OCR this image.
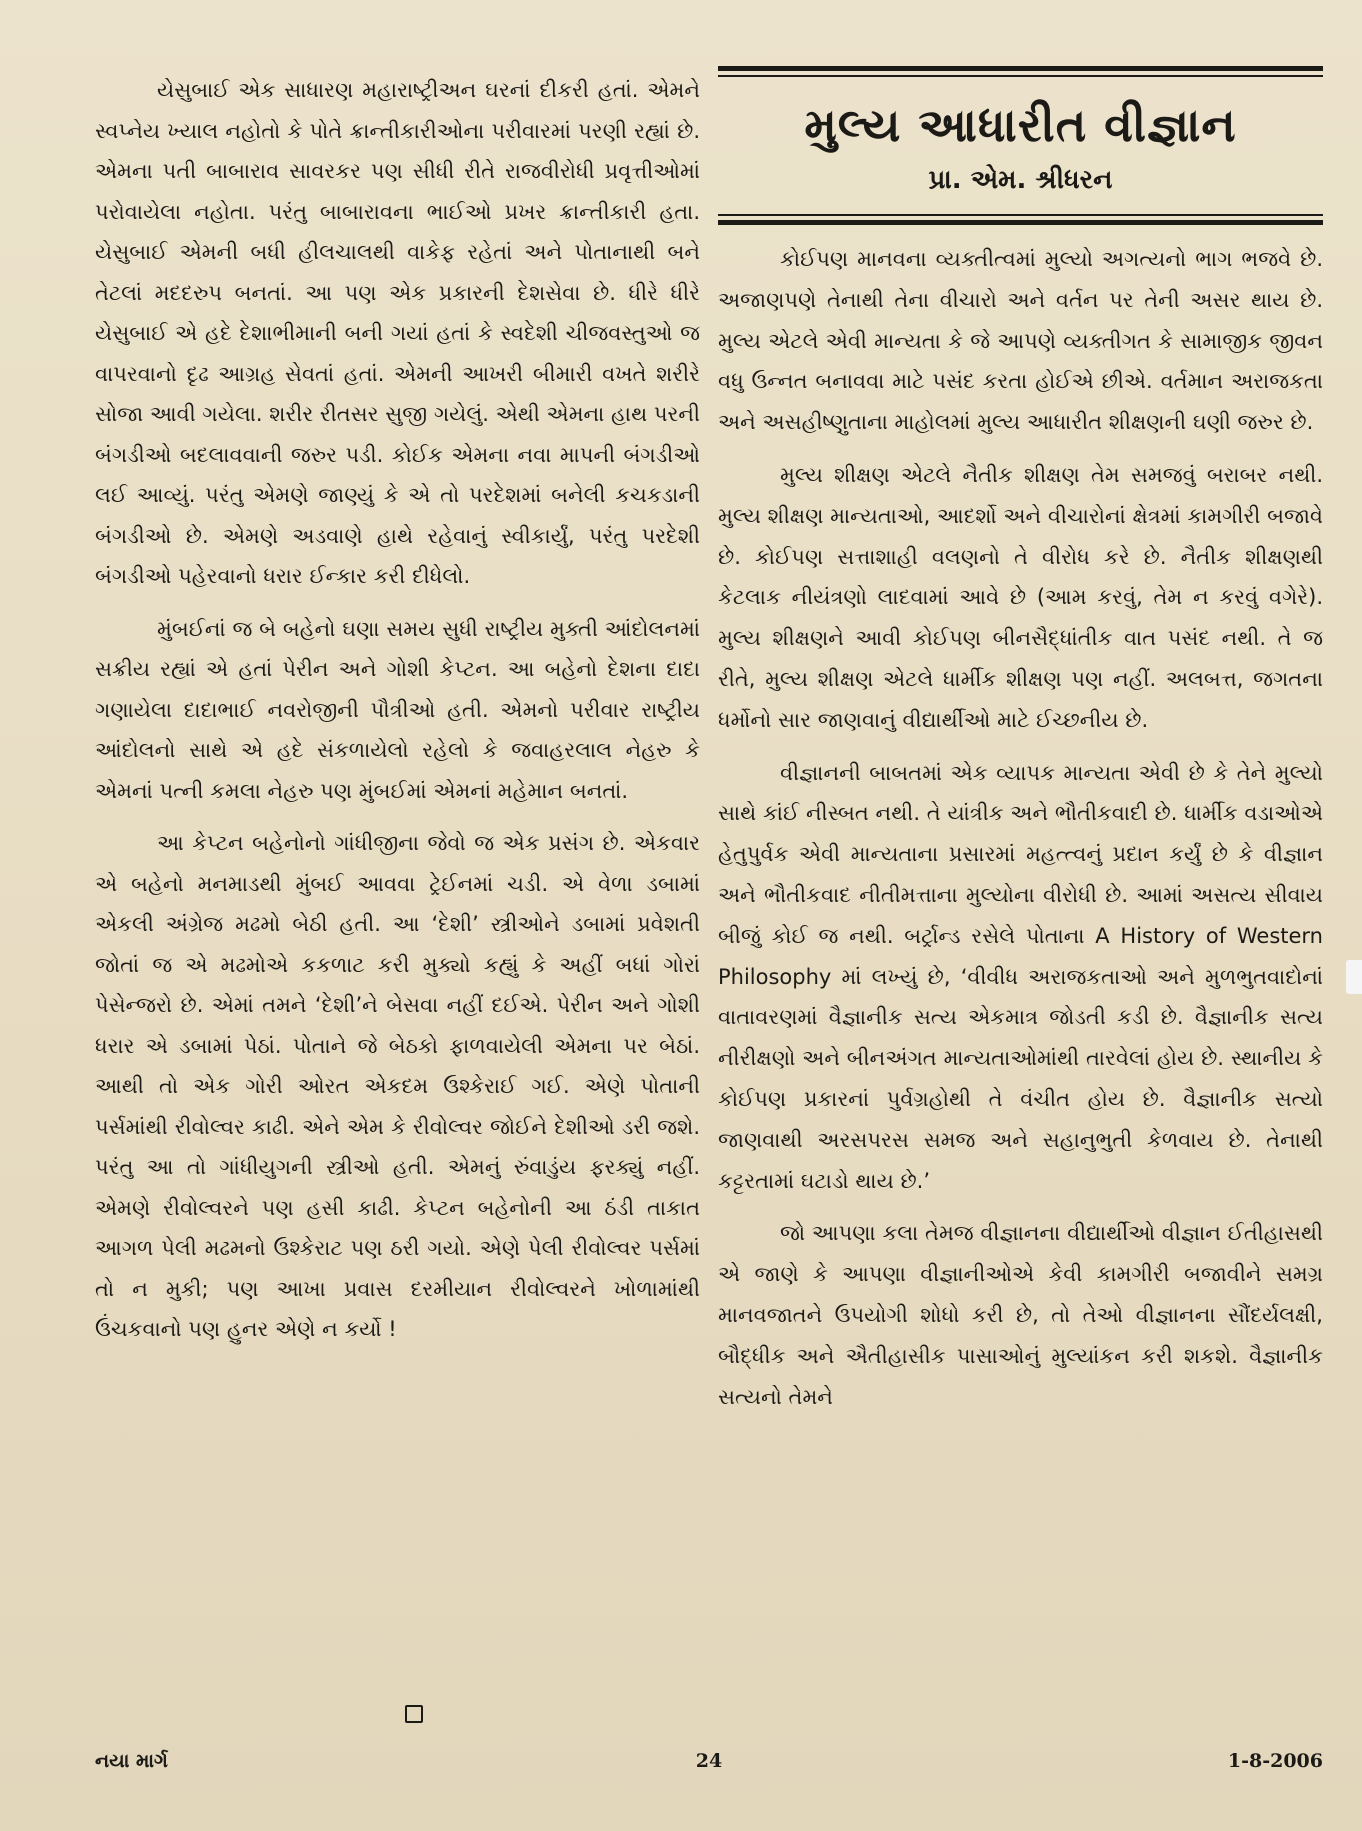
યેસુબાઈ એક સાધારણ મહારાષ્ટ્રીઅન ઘરનાં દીકરી હતાં. એમને સ્વપ્નેય ખ્યાલ નહોતો કે પોતે ક્રાન્તીકારીઓના પરીવારમાં પરણી રહ્યાં છે. એમના પતી બાબારાવ સાવરકર પણ સીધી રીતે રાજવીરોધી પ્રવૃત્તીઓમાં પરોવાયેલા નહોતા. પરંતુ બાબારાવના ભાઈઓ પ્રખર ક્રાન્તીકારી હતા. યેસુબાઈ એમની બધી હીલચાલથી વાકેફ રહેતાં અને પોતાનાથી બને તેટલાં મદદરુપ બનતાં. આ પણ એક પ્રકારની દેશસેવા છે. ધીરે ધીરે યેસુબાઈ એ હદે દેશાભીમાની બની ગયાં હતાં કે સ્વદેશી ચીજવસ્તુઓ જ વાપરવાનો દૃઢ આગ્રહ સેવતાં હતાં. એમની આખરી બીમારી વખતે શરીરે સોજા આવી ગયેલા. શરીર રીતસર સુજી ગયેલું. એથી એમના હાથ પરની બંગડીઓ બદલાવવાની જરુર પડી. કોઈક એમના નવા માપની બંગડીઓ લઈ આવ્યું. પરંતુ એમણે જાણ્યું કે એ તો પરદેશમાં બનેલી કચકડાની બંગડીઓ છે. એમણે અડવાણે હાથે રહેવાનું સ્વીકાર્યું, પરંતુ પરદેશી બંગડીઓ પહેરવાનો ધરાર ઈન્કાર કરી દીધેલો.

મુંબઈનાં જ બે બહેનો ઘણા સમય સુધી રાષ્ટ્રીય મુક્તી આંદોલનમાં સક્રીય રહ્યાં એ હતાં પેરીન અને ગોશી કેપ્ટન. આ બહેનો દેશના દાદા ગણાયેલા દાદાભાઈ નવરોજીની પૌત્રીઓ હતી. એમનો પરીવાર રાષ્ટ્રીય આંદોલનો સાથે એ હદે સંકળાયેલો રહેલો કે જવાહરલાલ નેહરુ કે એમનાં પત્ની કમલા નેહરુ પણ મુંબઈમાં એમનાં મહેમાન બનતાં.

આ કેપ્ટન બહેનોનો ગાંધીજીના જેવો જ એક પ્રસંગ છે. એકવાર એ બહેનો મનમાડથી મુંબઈ આવવા ટ્રેઈનમાં ચડી. એ વેળા ડબામાં એકલી અંગ્રેજ મઢમો બેઠી હતી. આ ‘દેશી’ સ્ત્રીઓને ડબામાં પ્રવેશતી જોતાં જ એ મઢમોએ કકળાટ કરી મુક્યો કહ્યું કે અહીં બધાં ગોરાં પેસેન્જરો છે. એમાં તમને ‘દેશી’ને બેસવા નહીં દઈએ. પેરીન અને ગોશી ધરાર એ ડબામાં પેઠાં. પોતાને જે બેઠકો ફાળવાયેલી એમના પર બેઠાં. આથી તો એક ગોરી ઓરત એકદમ ઉશ્કેરાઈ ગઈ. એણે પોતાની પર્સમાંથી રીવોલ્વર કાઢી. એને એમ કે રીવોલ્વર જોઈને દેશીઓ ડરી જશે. પરંતુ આ તો ગાંધીયુગની સ્ત્રીઓ હતી. એમનું રુંવાડુંય ફરક્યું નહીં. એમણે રીવોલ્વરને પણ હસી કાઢી. કેપ્ટન બહેનોની આ ઠંડી તાકાત આગળ પેલી મઢમનો ઉશ્કેરાટ પણ ઠરી ગયો. એણે પેલી રીવોલ્વર પર્સમાં તો ન મુકી; પણ આખા પ્રવાસ દરમીયાન રીવોલ્વરને ખોળામાંથી ઉંચકવાનો પણ હુનર એણે ન કર્યો !

મુલ્ય આધારીત વીજ્ઞાન
પ્રા. એમ. શ્રીધરન

કોઈપણ માનવના વ્યક્તીત્વમાં મુલ્યો અગત્યનો ભાગ ભજવે છે. અજાણપણે તેનાથી તેના વીચારો અને વર્તન પર તેની અસર થાય છે. મુલ્ય એટલે એવી માન્યતા કે જે આપણે વ્યક્તીગત કે સામાજીક જીવન વધુ ઉન્નત બનાવવા માટે પસંદ કરતા હોઈએ છીએ. વર્તમાન અરાજકતા અને અસહીષ્ણુતાના માહોલમાં મુલ્ય આધારીત શીક્ષણની ઘણી જરુર છે.

મુલ્ય શીક્ષણ એટલે નૈતીક શીક્ષણ તેમ સમજવું બરાબર નથી. મુલ્ય શીક્ષણ માન્યતાઓ, આદર્શો અને વીચારોનાં ક્ષેત્રમાં કામગીરી બજાવે છે. કોઈપણ સત્તાશાહી વલણનો તે વીરોધ કરે છે. નૈતીક શીક્ષણથી કેટલાક નીયંત્રણો લાદવામાં આવે છે (આમ કરવું, તેમ ન કરવું વગેરે). મુલ્ય શીક્ષણને આવી કોઈપણ બીનસૈદ્ધાંતીક વાત પસંદ નથી. તે જ રીતે, મુલ્ય શીક્ષણ એટલે ધાર્મીક શીક્ષણ પણ નહીં. અલબત્ત, જગતના ધર્મોનો સાર જાણવાનું વીદ્યાર્થીઓ માટે ઈચ્છનીય છે.

વીજ્ઞાનની બાબતમાં એક વ્યાપક માન્યતા એવી છે કે તેને મુલ્યો સાથે કાંઈ નીસ્બત નથી. તે યાંત્રીક અને ભૌતીકવાદી છે. ધાર્મીક વડાઓએ હેતુપુર્વક એવી માન્યતાના પ્રસારમાં મહત્ત્વનું પ્રદાન કર્યું છે કે વીજ્ઞાન અને ભૌતીકવાદ નીતીમત્તાના મુલ્યોના વીરોધી છે. આમાં અસત્ય સીવાય બીજું કોઈ જ નથી. બર્ટ્રાન્ડ રસેલે પોતાના A History of Western Philosophy માં લખ્યું છે, ‘વીવીધ અરાજકતાઓ અને મુળભુતવાદોનાં વાતાવરણમાં વૈજ્ઞાનીક સત્ય એકમાત્ર જોડતી કડી છે. વૈજ્ઞાનીક સત્ય નીરીક્ષણો અને બીનઅંગત માન્યતાઓમાંથી તારવેલાં હોય છે. સ્થાનીય કે કોઈપણ પ્રકારનાં પુર્વગ્રહોથી તે વંચીત હોય છે. વૈજ્ઞાનીક સત્યો જાણવાથી અરસપરસ સમજ અને સહાનુભુતી કેળવાય છે. તેનાથી કટ્ટરતામાં ઘટાડો થાય છે.’

જો આપણા કલા તેમજ વીજ્ઞાનના વીદ્યાર્થીઓ વીજ્ઞાન ઈતીહાસથી એ જાણે કે આપણા વીજ્ઞાનીઓએ કેવી કામગીરી બજાવીને સમગ્ર માનવજાતને ઉપયોગી શોધો કરી છે, તો તેઓ વીજ્ઞાનના સૌંદર્યલક્ષી, બૌદ્ધીક અને ઐતીહાસીક પાસાઓનું મુલ્યાંકન કરી શકશે. વૈજ્ઞાનીક સત્યનો તેમને

નયા માર્ગ	24	1-8-2006
